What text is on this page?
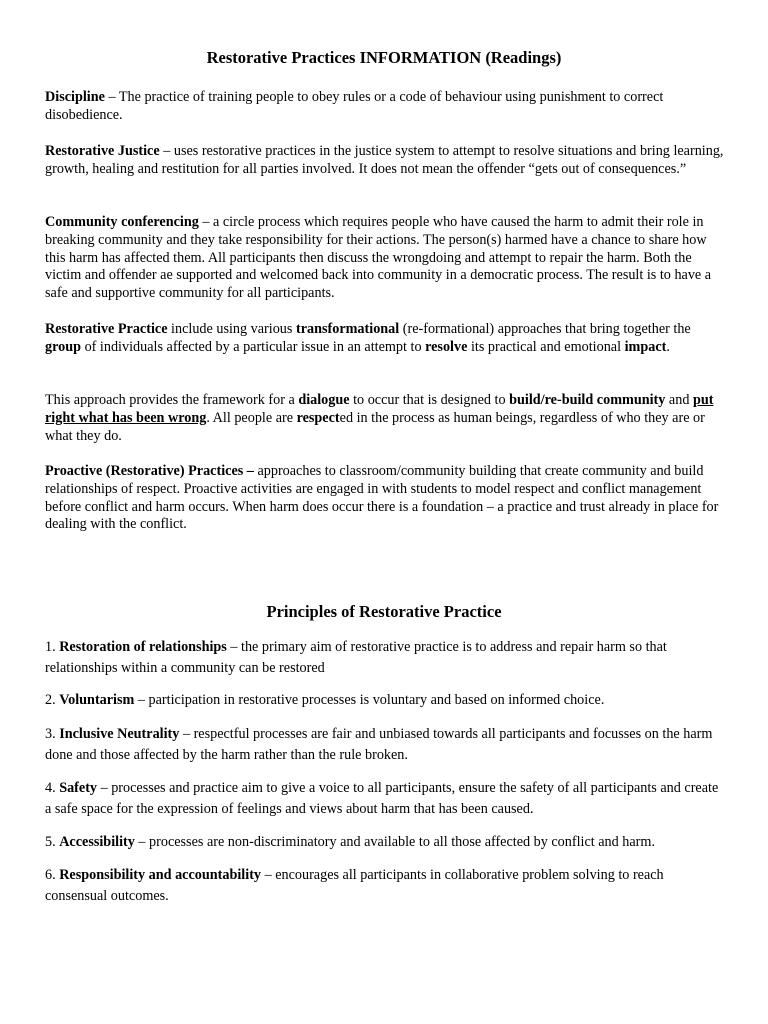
Restorative Practices INFORMATION (Readings)

Discipline – The practice of training people to obey rules or a code of behaviour using punishment to correct disobedience.

Restorative Justice – uses restorative practices in the justice system to attempt to resolve situations and bring learning, growth, healing and restitution for all parties involved. It does not mean the offender “gets out of consequences.”

Community conferencing – a circle process which requires people who have caused the harm to admit their role in breaking community and they take responsibility for their actions. The person(s) harmed have a chance to share how this harm has affected them. All participants then discuss the wrongdoing and attempt to repair the harm. Both the victim and offender ae supported and welcomed back into community in a democratic process. The result is to have a safe and supportive community for all participants.

Restorative Practice include using various transformational (re-formational) approaches that bring together the group of individuals affected by a particular issue in an attempt to resolve its practical and emotional impact.

This approach provides the framework for a dialogue to occur that is designed to build/re-build community and put right what has been wrong. All people are respected in the process as human beings, regardless of who they are or what they do.

Proactive (Restorative) Practices – approaches to classroom/community building that create community and build relationships of respect. Proactive activities are engaged in with students to model respect and conflict management before conflict and harm occurs. When harm does occur there is a foundation – a practice and trust already in place for dealing with the conflict.

Principles of Restorative Practice

1. Restoration of relationships – the primary aim of restorative practice is to address and repair harm so that relationships within a community can be restored

2. Voluntarism – participation in restorative processes is voluntary and based on informed choice.

3. Inclusive Neutrality – respectful processes are fair and unbiased towards all participants and focusses on the harm done and those affected by the harm rather than the rule broken.

4. Safety – processes and practice aim to give a voice to all participants, ensure the safety of all participants and create a safe space for the expression of feelings and views about harm that has been caused.

5. Accessibility – processes are non-discriminatory and available to all those affected by conflict and harm.

6. Responsibility and accountability – encourages all participants in collaborative problem solving to reach consensual outcomes.
